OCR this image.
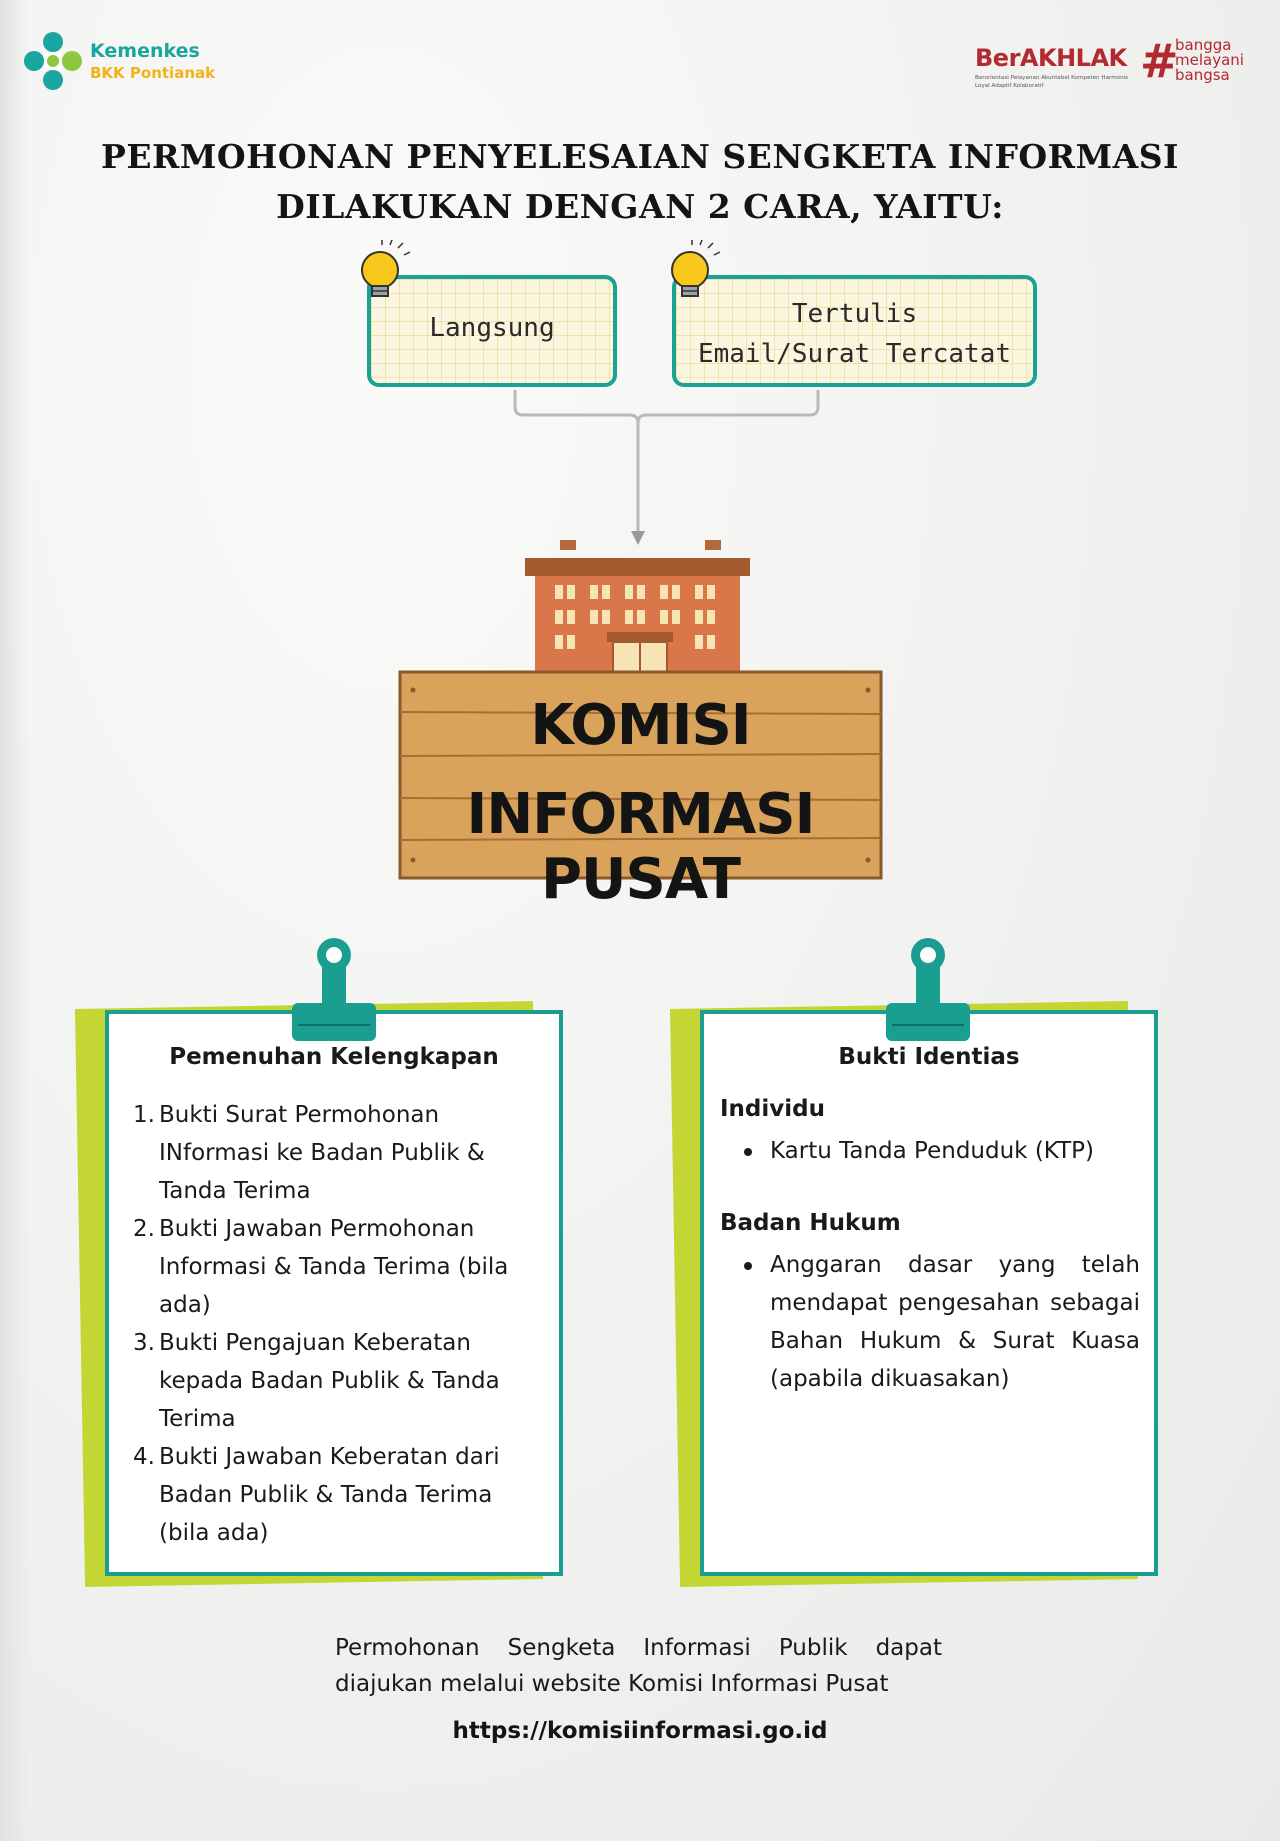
Kemenkes
BKK Pontianak
BerAKHLAK
Berorientasi Pelayanan Akuntabel Kompeten Harmonis Loyal Adaptif Kolaboratif	#
bangga
melayani
bangsa
PERMOHONAN PENYELESAIAN SENGKETA INFORMASI
DILAKUKAN DENGAN 2 CARA, YAITU:
Langsung	Tertulis
Email/Surat Tercatat
KOMISI
INFORMASI PUSAT
Pemenuhan Kelengkapan
1. Bukti Surat Permohonan INformasi ke Badan Publik & Tanda Terima
2. Bukti Jawaban Permohonan Informasi & Tanda Terima (bila ada)
3. Bukti Pengajuan Keberatan kepada Badan Publik & Tanda Terima
4. Bukti Jawaban Keberatan dari Badan Publik & Tanda Terima (bila ada)
Bukti Identias
Individu
Kartu Tanda Penduduk (KTP)
Badan Hukum
Anggaran dasar yang telah mendapat pengesahan sebagai Bahan Hukum & Surat Kuasa (apabila dikuasakan)
Permohonan Sengketa Informasi Publik dapat diajukan melalui website Komisi Informasi Pusat
https://komisiinformasi.go.id
